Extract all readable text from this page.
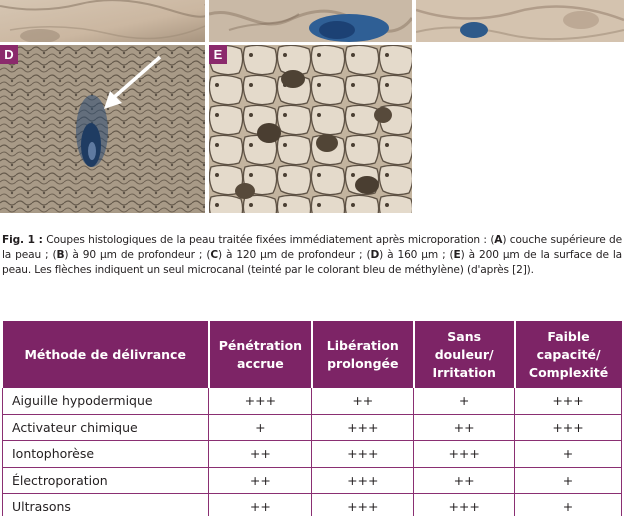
D	E

Fig. 1 : Coupes histologiques de la peau traitée fixées immédiatement après microporation : (A) couche supérieure de la peau ; (B) à 90 µm de profondeur ; (C) à 120 µm de profondeur ; (D) à 160 µm ; (E) à 200 µm de la surface de la peau. Les flèches indiquent un seul microcanal (teinté par le colorant bleu de méthylène) (d'après [2]).

Méthode de délivrance	Pénétration accrue	Libération prolongée	Sans douleur/ Irritation	Faible capacité/ Complexité
Aiguille hypodermique	+++	++	+	+++
Activateur chimique	+	+++	++	+++
Iontophorèse	++	+++	+++	+
Électroporation	++	+++	++	+
Ultrasons	++	+++	+++	+
